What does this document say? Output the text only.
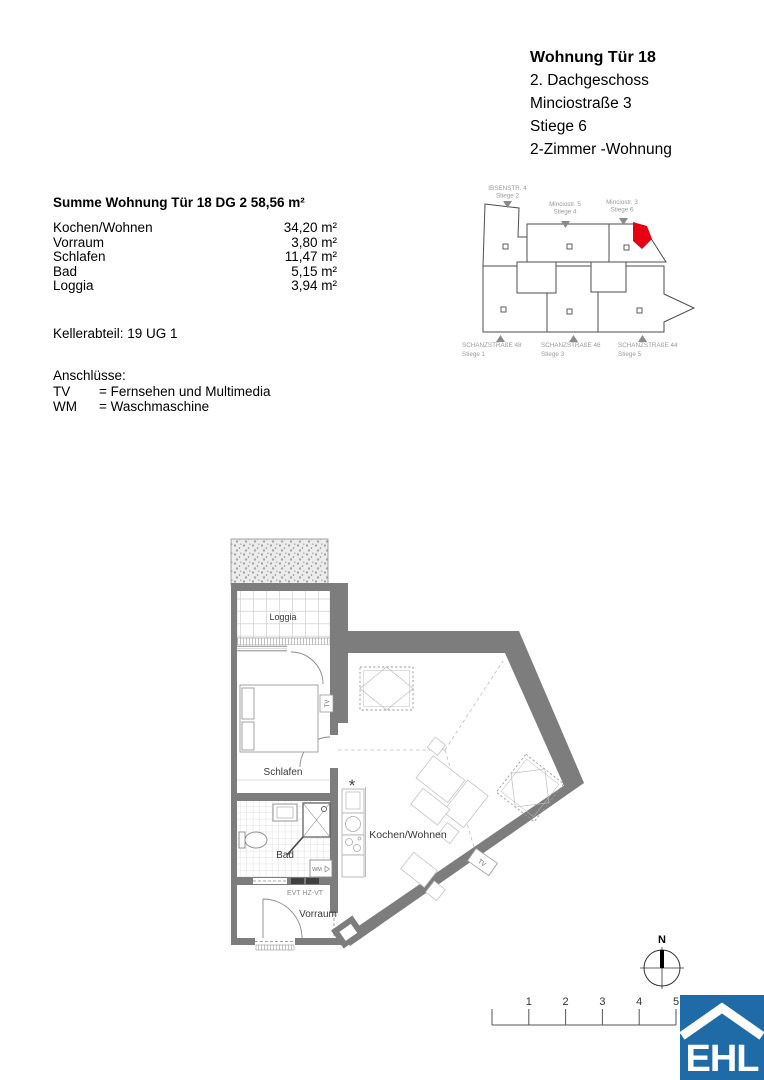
Wohnung Tür 18
2. Dachgeschoss
Minciostraße 3
Stiege 6
2-Zimmer -Wohnung
Summe Wohnung Tür 18 DG 2 58,56 m²
Kochen/Wohnen	34,20 m²
Vorraum	3,80 m²
Schlafen	11,47 m²
Bad	5,15 m²
Loggia	3,94 m²
Kellerabteil: 19 UG 1
Anschlüsse:
TV	= Fernsehen und Multimedia
WM	= Waschmaschine
IBSENSTR. 4
Stiege 2
Minciostr. 5
Stiege 4
Minciostr. 3
Stiege 6
SCHANZSTRAßE 48
Stiege 1
SCHANZSTRAßE 46
Stiege 3
SCHANZSTRAßE 44
Stiege 5
TV
WM
*
TV
Loggia
Schlafen
Bad
Vorraum
Kochen/Wohnen
EVT HZ-VT
N
1	2	3	4	5
EHL
